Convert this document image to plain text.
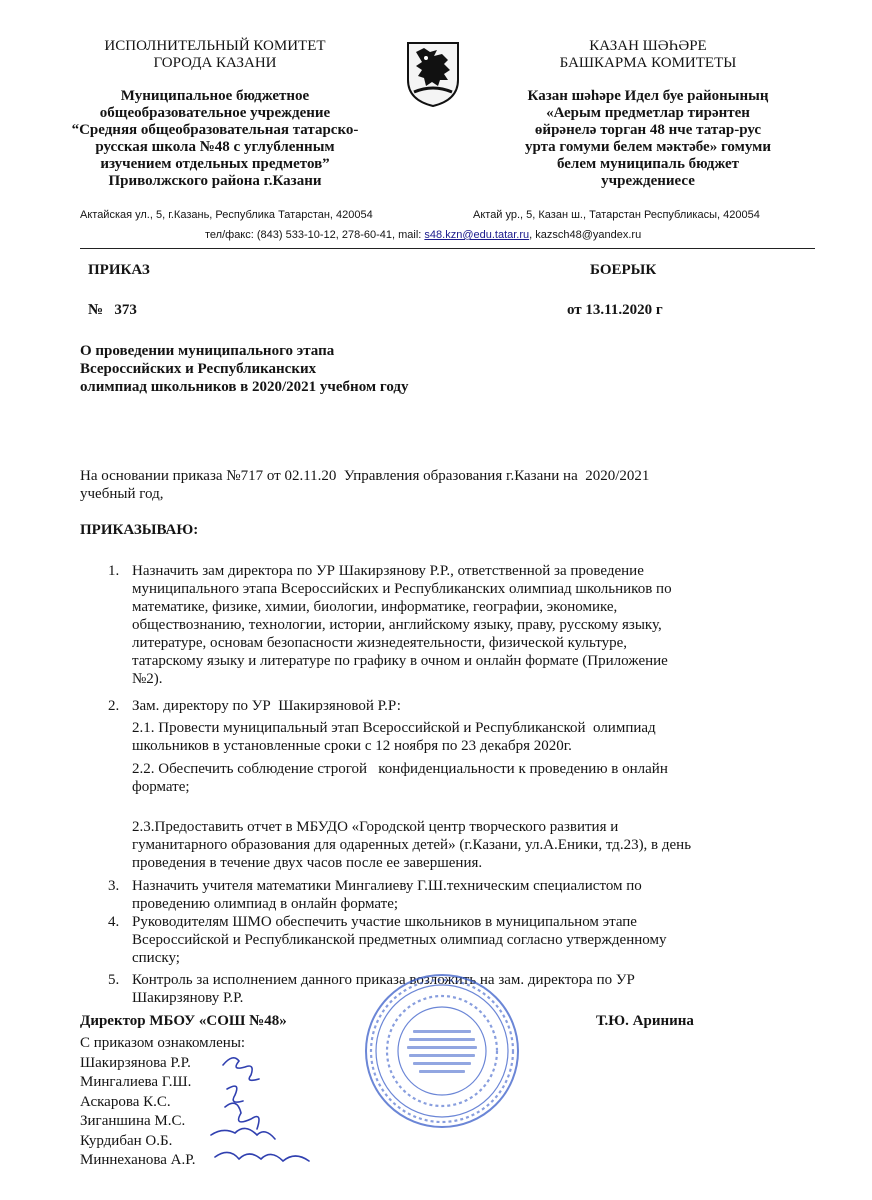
ИСПОЛНИТЕЛЬНЫЙ КОМИТЕТ
ГОРОДА КАЗАНИ
Муниципальное бюджетное
общеобразовательное учреждение
“Средняя общеобразовательная татарско-
русская школа №48 с углубленным
изучением отдельных предметов”
Приволжского района г.Казани
КАЗАН ШӘҺӘРЕ
БАШКАРМА КОМИТЕТЫ
Казан шәһәре Идел буе районының
«Аерым предметлар тирәнтен
өйрәнелә торган 48 нче татар-рус
урта гомуми белем мәктәбе» гомуми
белем муниципаль бюджет
учреждениесе
Актайская ул., 5, г.Казань, Республика Татарстан, 420054	Актай ур., 5, Казан ш., Татарстан Республикасы, 420054
тел/факс: (843) 533-10-12, 278-60-41, mail: s48.kzn@edu.tatar.ru, kazsch48@yandex.ru
ПРИКАЗ	БОЕРЫК
№ 373	от 13.11.2020 г
О проведении муниципального этапа
Всероссийских и Республиканских
олимпиад школьников в 2020/2021 учебном году
На основании приказа №717 от 02.11.20  Управления образования г.Казани на  2020/2021
учебный год,
ПРИКАЗЫВАЮ:
1. Назначить зам директора по УР Шакирзянову Р.Р., ответственной за проведение
муниципального этапа Всероссийских и Республиканских олимпиад школьников по
математике, физике, химии, биологии, информатике, географии, экономике,
обществознанию, технологии, истории, английскому языку, праву, русскому языку,
литературе, основам безопасности жизнедеятельности, физической культуре,
татарскому языку и литературе по графику в очном и онлайн формате (Приложение
№2).
2. Зам. директору по УР  Шакирзяновой Р.Р:
2.1. Провести муниципальный этап Всероссийской и Республиканской  олимпиад
школьников в установленные сроки с 12 ноября по 23 декабря 2020г.
2.2. Обеспечить соблюдение строгой   конфиденциальности к проведению в онлайн
формате;
2.3.Предоставить отчет в МБУДО «Городской центр творческого развития и
гуманитарного образования для одаренных детей» (г.Казани, ул.А.Еники, тд.23), в день
проведения в течение двух часов после ее завершения.
3. Назначить учителя математики Мингалиеву Г.Ш.техническим специалистом по
проведению олимпиад в онлайн формате;
4. Руководителям ШМО обеспечить участие школьников в муниципальном этапе
Всероссийской и Республиканской предметных олимпиад согласно утвержденному
списку;
5. Контроль за исполнением данного приказа возложить на зам. директора по УР
Шакирзянову Р.Р.
Директор МБОУ «СОШ №48»	Т.Ю. Аринина
С приказом ознакомлены:
Шакирзянова Р.Р.
Мингалиева Г.Ш.
Аскарова К.С.
Зиганшина М.С.
Курдибан О.Б.
Миннеханова А.Р.
